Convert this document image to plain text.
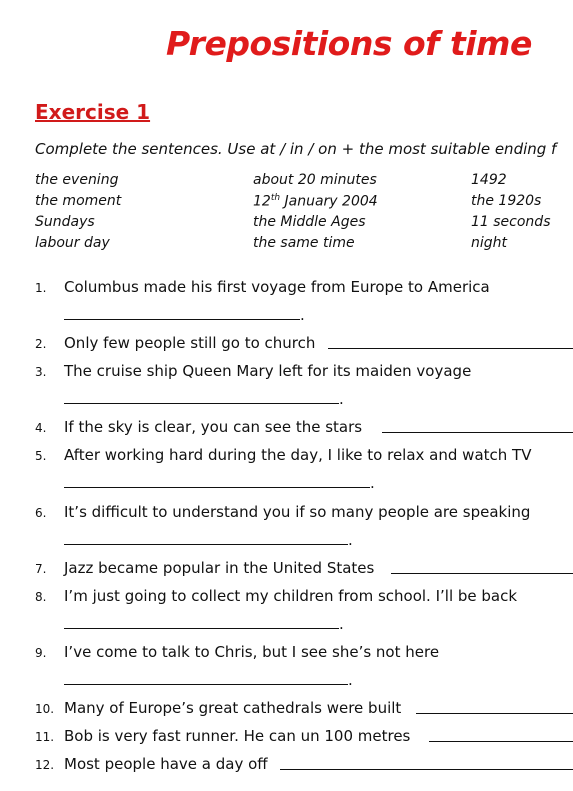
Prepositions of time
Exercise 1
Complete the sentences. Use at / in / on + the most suitable ending f
the evening	about 20 minutes	1492
the moment	12th January 2004	the 1920s
Sundays	the Middle Ages	11 seconds
labour day	the same time	night
1. Columbus made his first voyage from Europe to America
.
2. Only few people still go to church
3. The cruise ship Queen Mary left for its maiden voyage
.
4. If the sky is clear, you can see the stars
5. After working hard during the day, I like to relax and watch TV
.
6. It’s difficult to understand you if so many people are speaking
.
7. Jazz became popular in the United States
8. I’m just going to collect my children from school. I’ll be back
.
9. I’ve come to talk to Chris, but I see she’s not here
.
10. Many of Europe’s great cathedrals were built
11. Bob is very fast runner. He can un 100 metres
12. Most people have a day off
